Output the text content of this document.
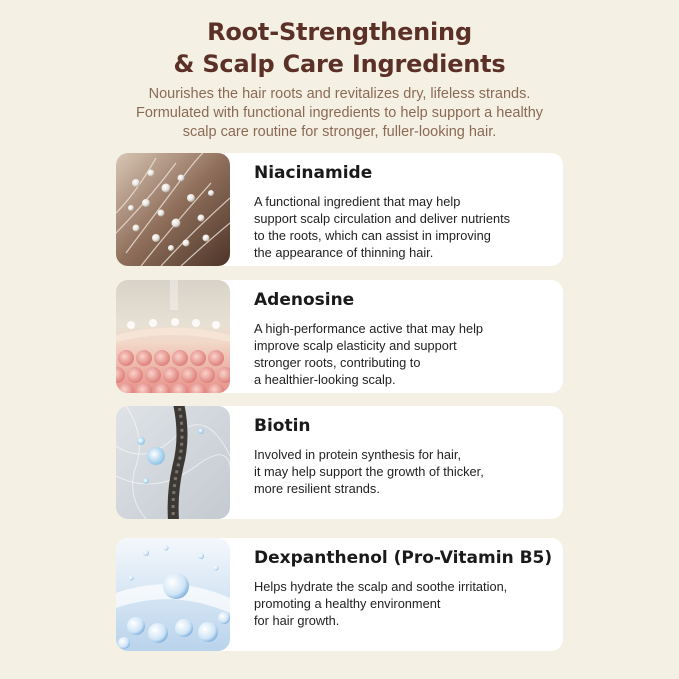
Root-Strengthening
& Scalp Care Ingredients
Nourishes the hair roots and revitalizes dry, lifeless strands.
Formulated with functional ingredients to help support a healthy
scalp care routine for stronger, fuller-looking hair.
Niacinamide
A functional ingredient that may help
support scalp circulation and deliver nutrients
to the roots, which can assist in improving
the appearance of thinning hair.
Adenosine
A high-performance active that may help
improve scalp elasticity and support
stronger roots, contributing to
a healthier-looking scalp.
Biotin
Involved in protein synthesis for hair,
it may help support the growth of thicker,
more resilient strands.
Dexpanthenol (Pro-Vitamin B5)
Helps hydrate the scalp and soothe irritation,
promoting a healthy environment
for hair growth.
